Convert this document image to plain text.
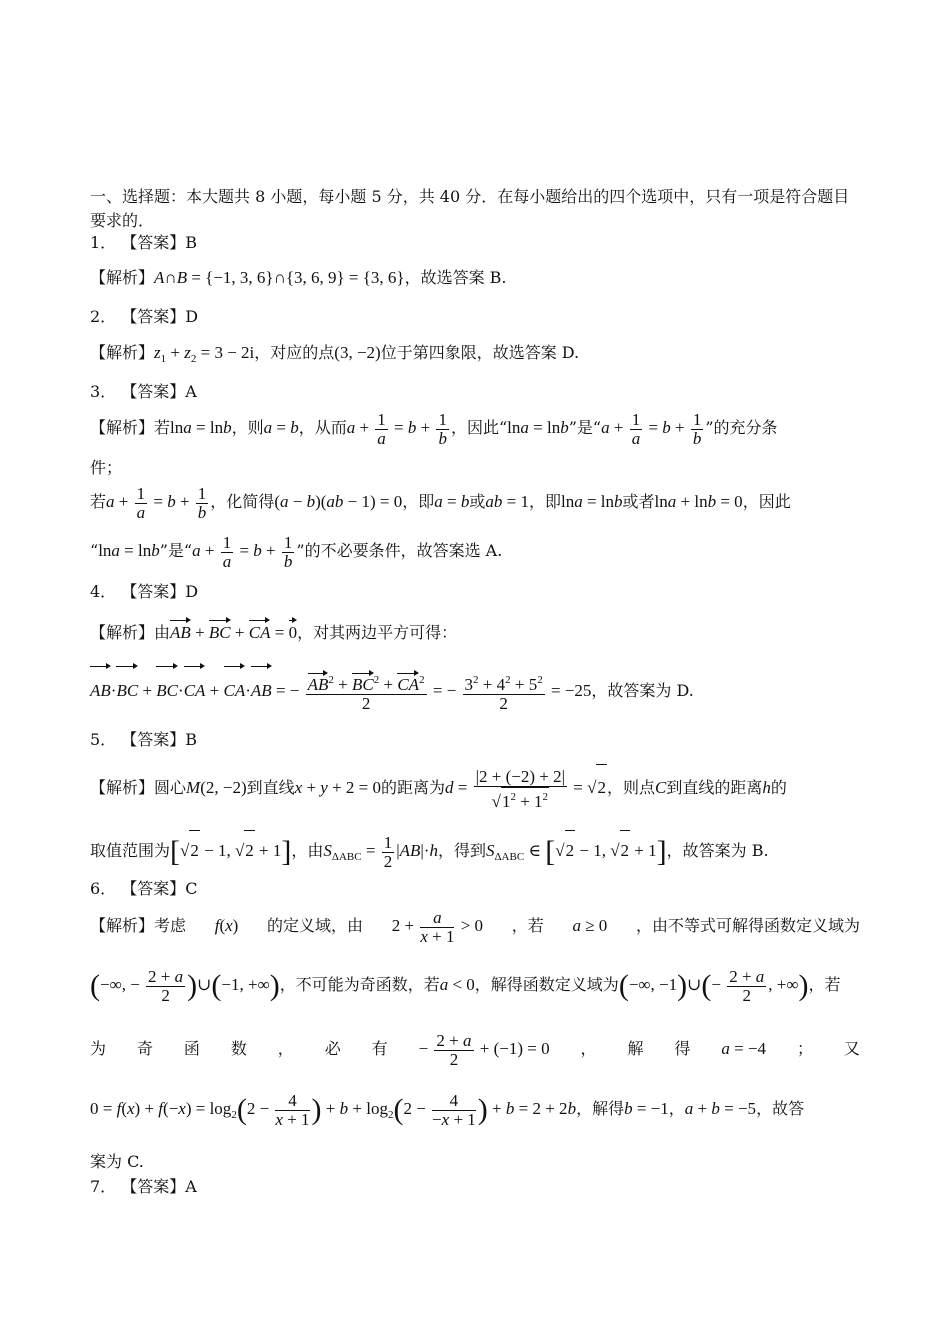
一、选择题：本大题共 8 小题，每小题 5 分，共 40 分．在每小题给出的四个选项中，只有一项是符合题目
要求的．
1． 【答案】B
【解析】A∩B = {−1, 3, 6}∩{3, 6, 9} = {3, 6}，故选答案 B.
2． 【答案】D
【解析】$z_1 + z_2 = 3 - 2i$，对应的点(3, −2)位于第四象限，故选答案 D.
3． 【答案】A
【解析】若lna = lnb，则a = b，从而$a + \frac{1}{a} = b + \frac{1}{b}$ ，因此“lna = lnb”是“$a + \frac{1}{a} = b + \frac{1}{b}$ ”的充分条
件；
若$a + \frac{1}{a} = b + \frac{1}{b}$ ，化简得(a − b)(ab − 1) = 0，即a = b或ab = 1，即lna = lnb或者lna + lnb = 0，因此
“lna = lnb”是“$a + \frac{1}{a} = b + \frac{1}{b}$ ”的不必要条件，故答案选 A.
4． 【答案】D
【解析】由AB + BC + CA = 0，对其两边平方可得：
AB·BC + BC·CA + CA·AB = − $\frac{AB^2 + BC^2 + CA^2}{2}$ = − $\frac{3^2 + 4^2 + 5^2}{2} = -25$，故答案为 D.
5． 【答案】B
【解析】圆心M(2, −2)到直线x + y + 2 = 0的距离为$d = \frac{|2 + (-2) + 2|}{√1^2 + 1^2} = √2$，则点C到直线的距离h的
取值范围为[√2 − 1, √2 + 1]，由$S_{\Delta ABC} = \frac{1}{2} |AB|\cdot h$，得到$S_{\Delta ABC}$ ∈ [√2 − 1, √2 + 1]，故答案为 B.
6． 【答案】C
【解析】考虑 f(x) 的定义域，由 $2 + \frac{a}{x + 1} > 0$ ，若 a ≥ 0 ，由不等式可解得函数定义域为
(−∞, − $\frac{2 + a}{2}$ )∪(−1, +∞)，不可能为奇函数，若a < 0，解得函数定义域为(−∞, −1)∪(− $\frac{2 + a}{2}$ , +∞)，若
为 奇 函 数 ， 必 有 − $\frac{2 + a}{2} + (-1) = 0$ ， 解 得 a = −4 ； 又
$0 = f(x) + f(-x) = \log_2(2 - \frac{4}{x + 1}$ ) + $b + \log_2(2 - \frac{4}{-x + 1}$ ) + b = 2 + 2b，解得b = −1，a + b = −5，故答
案为 C.
7． 【答案】A
